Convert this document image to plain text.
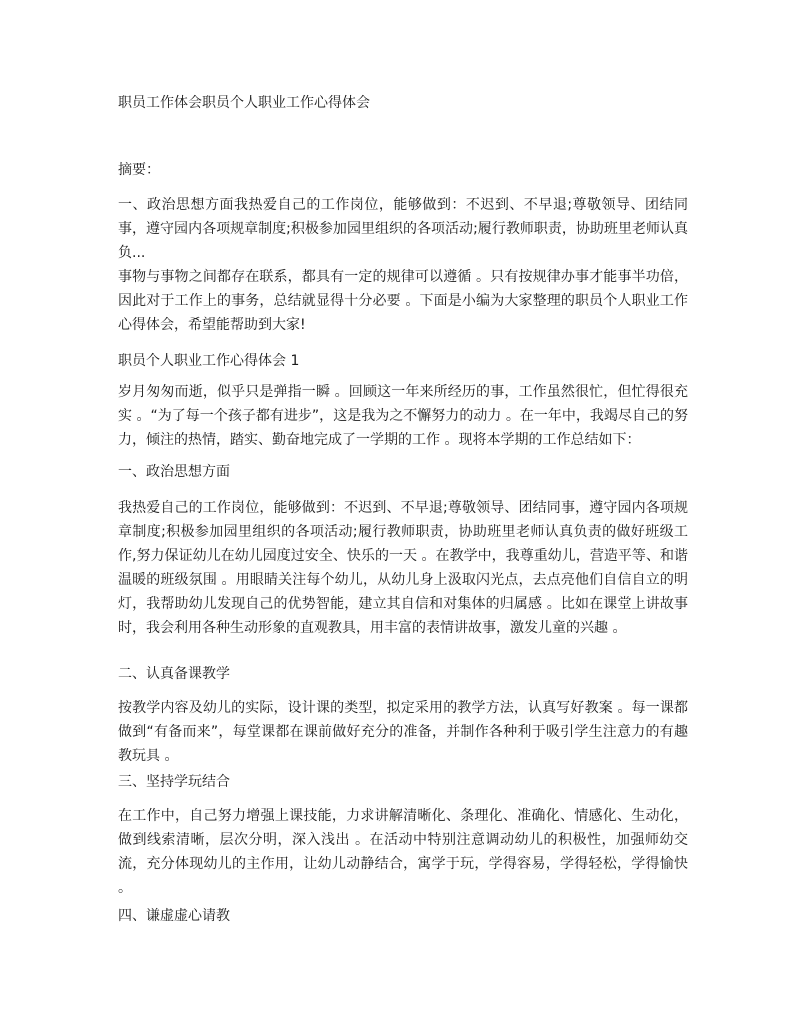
职员工作体会职员个人职业工作心得体会
摘要：

一、政治思想方面我热爱自己的工作岗位，能够做到：不迟到、不早退;尊敬领导、团结同事，遵守园内各项规章制度;积极参加园里组织的各项活动;履行教师职责，协助班里老师认真负...

事物与事物之间都存在联系，都具有一定的规律可以遵循 。只有按规律办事才能事半功倍，因此对于工作上的事务，总结就显得十分必要 。下面是小编为大家整理的职员个人职业工作心得体会，希望能帮助到大家!

职员个人职业工作心得体会 1

岁月匆匆而逝，似乎只是弹指一瞬 。回顾这一年来所经历的事，工作虽然很忙，但忙得很充实 。“为了每一个孩子都有进步”，这是我为之不懈努力的动力 。在一年中，我竭尽自己的努力，倾注的热情，踏实、勤奋地完成了一学期的工作 。现将本学期的工作总结如下：

一、政治思想方面

我热爱自己的工作岗位，能够做到：不迟到、不早退;尊敬领导、团结同事，遵守园内各项规章制度;积极参加园里组织的各项活动;履行教师职责，协助班里老师认真负责的做好班级工作,努力保证幼儿在幼儿园度过安全、快乐的一天 。在教学中，我尊重幼儿，营造平等、和谐温暖的班级氛围 。用眼睛关注每个幼儿，从幼儿身上汲取闪光点，去点亮他们自信自立的明灯，我帮助幼儿发现自己的优势智能，建立其自信和对集体的归属感 。比如在课堂上讲故事时，我会利用各种生动形象的直观教具，用丰富的表情讲故事，激发儿童的兴趣 。

二、认真备课教学

按教学内容及幼儿的实际，设计课的类型，拟定采用的教学方法，认真写好教案 。每一课都做到“有备而来”，每堂课都在课前做好充分的准备，并制作各种利于吸引学生注意力的有趣教玩具 。

三、坚持学玩结合

在工作中，自己努力增强上课技能，力求讲解清晰化、条理化、准确化、情感化、生动化，做到线索清晰，层次分明，深入浅出 。在活动中特别注意调动幼儿的积极性，加强师幼交流，充分体现幼儿的主作用，让幼儿动静结合，寓学于玩，学得容易，学得轻松，学得愉快 。

四、谦虚虚心请教
